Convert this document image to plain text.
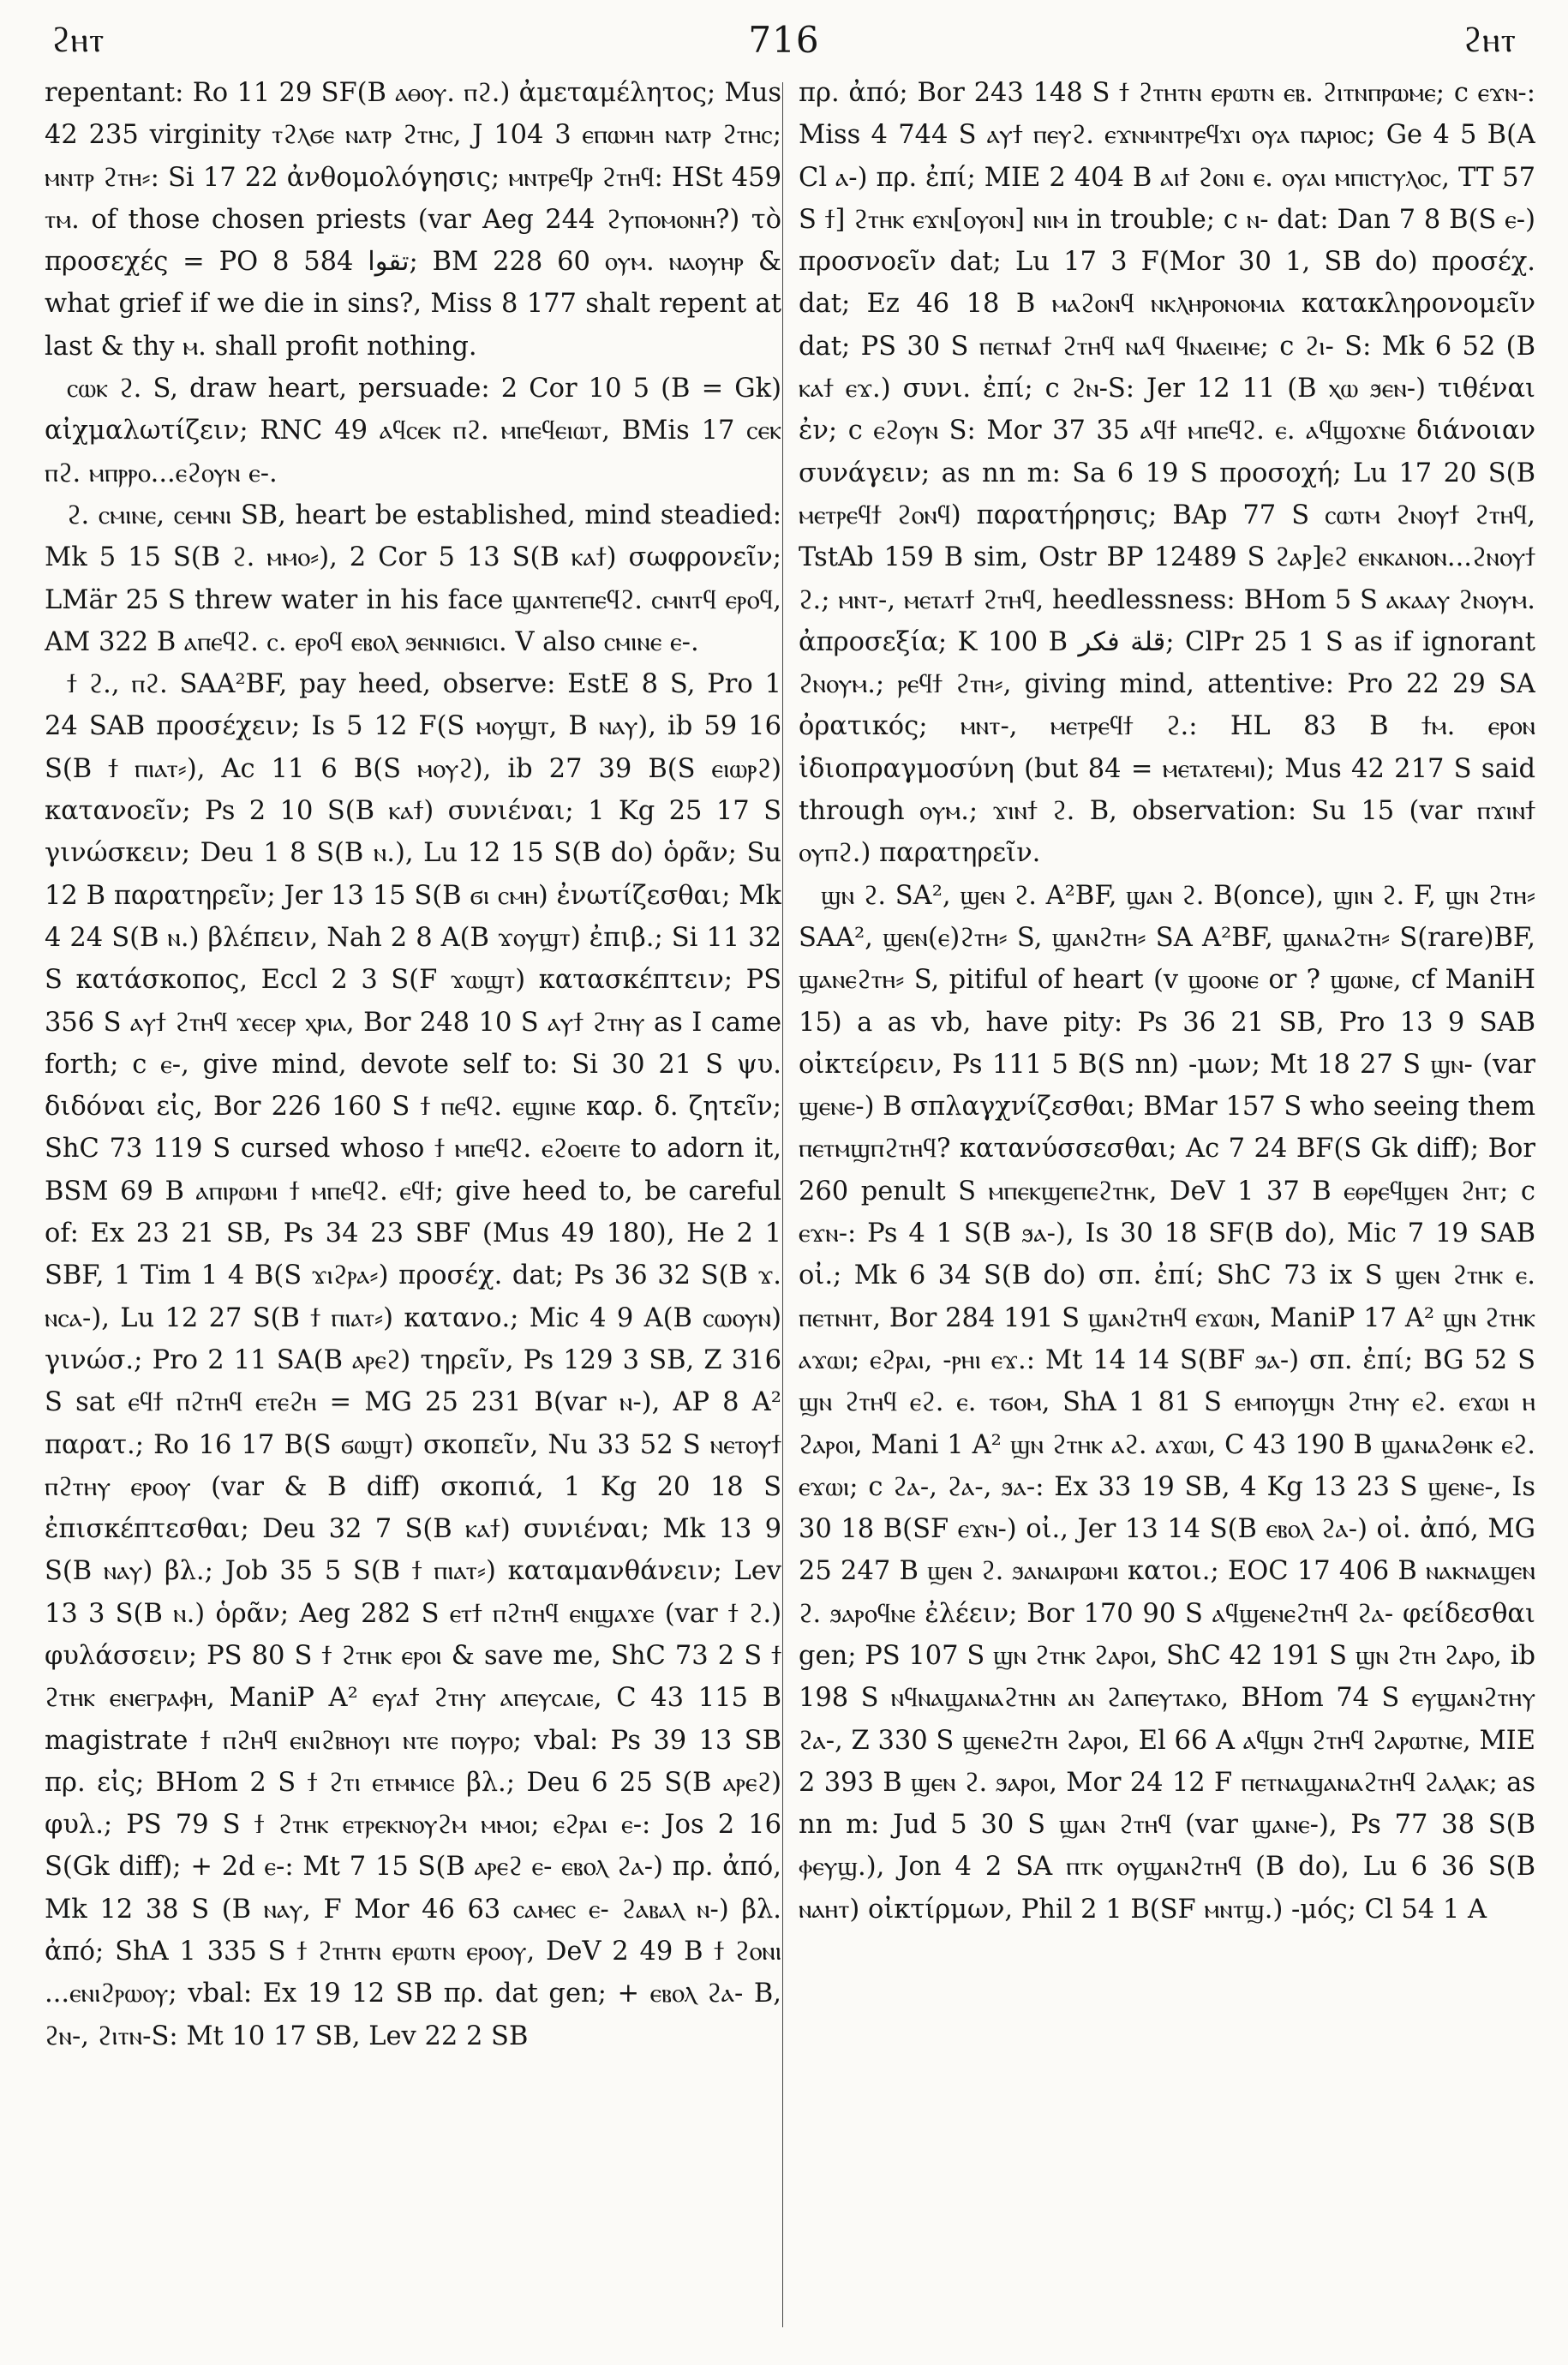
ϩⲏⲧ	716	ϩⲏⲧ

repentant: Ro 11 29 SF(B ⲁⲑⲟⲩ. ⲡϩ.) ἀμεταμέλητος; Mus 42 235 virginity ⲧϩⲗϭⲉ ⲛⲁⲧⲣ ϩⲧⲏⲥ, J 104 3 ⲉⲡⲱⲙⲏ ⲛⲁⲧⲣ ϩⲧⲏⲥ; ⲙⲛⲧⲣ ϩⲧⲏ⸗: Si 17 22 ἀνθομολόγησις; ⲙⲛⲧⲣⲉϥⲣ ϩⲧⲏϥ: HSt 459 ⲧⲙ. of those chosen priests (var Aeg 244 ϩⲩⲡⲟⲙⲟⲛⲏ?) τὸ προσεχές = PO 8 584 ﺗﻘﻮﺍ; BM 228 60 ⲟⲩⲙ. ⲛⲁⲟⲩⲏⲣ & what grief if we die in sins?, Miss 8 177 shalt repent at last & thy ⲙ. shall profit nothing.

ⲥⲱⲕ ϩ. S, draw heart, persuade: 2 Cor 10 5 (B = Gk) αἰχμαλωτίζειν; RNC 49 ⲁϥⲥⲉⲕ ⲡϩ. ⲙⲡⲉϥⲉⲓⲱⲧ, BMis 17 ⲥⲉⲕ ⲡϩ. ⲙⲡⲣⲣⲟ...ⲉϩⲟⲩⲛ ⲉ-.

ϩ. ⲥⲙⲓⲛⲉ, ⲥⲉⲙⲛⲓ SB, heart be established, mind steadied: Mk 5 15 S(B ϩ. ⲙⲙⲟ⸗), 2 Cor 5 13 S(B ⲕⲁϯ) σωφρονεῖν; LMär 25 S threw water in his face ϣⲁⲛⲧⲉⲡⲉϥϩ. ⲥⲙⲛⲧϥ ⲉⲣⲟϥ, AM 322 B ⲁⲡⲉϥϩ. ⲥ. ⲉⲣⲟϥ ⲉⲃⲟⲗ ϧⲉⲛⲛⲓϭⲓⲥⲓ. V also ⲥⲙⲓⲛⲉ ⲉ-.

ϯ ϩ., ⲡϩ. SAA²BF, pay heed, observe: EstE 8 S, Pro 1 24 SAB προσέχειν; Is 5 12 F(S ⲙⲟⲩϣⲧ, B ⲛⲁⲩ), ib 59 16 S(B ϯ ⲡⲓⲁⲧ⸗), Ac 11 6 B(S ⲙⲟⲩϩ), ib 27 39 B(S ⲉⲓⲱⲣϩ) κατανοεῖν; Ps 2 10 S(B ⲕⲁϯ) συνιέναι; 1 Kg 25 17 S γινώσκειν; Deu 1 8 S(B ⲛ.), Lu 12 15 S(B do) ὁρᾶν; Su 12 B παρατηρεῖν; Jer 13 15 S(B ϭⲓ ⲥⲙⲏ) ἐνωτίζεσθαι; Mk 4 24 S(B ⲛ.) βλέπειν, Nah 2 8 A(B ϫⲟⲩϣⲧ) ἐπιβ.; Si 11 32 S κατάσκοπος, Eccl 2 3 S(F ϫⲱϣⲧ) κατασκέπτειν; PS 356 S ⲁⲩϯ ϩⲧⲏϥ ϫⲉⲥⲉⲣ ⲭⲣⲓⲁ, Bor 248 10 S ⲁⲩϯ ϩⲧⲏⲩ as I came forth; c ⲉ-, give mind, devote self to: Si 30 21 S ψυ. διδόναι εἰς, Bor 226 160 S ϯ ⲡⲉϥϩ. ⲉϣⲓⲛⲉ καρ. δ. ζητεῖν; ShC 73 119 S cursed whoso ϯ ⲙⲡⲉϥϩ. ⲉϩⲟⲉⲓⲧⲉ to adorn it, BSM 69 B ⲁⲡⲓⲣⲱⲙⲓ ϯ ⲙⲡⲉϥϩ. ⲉϥϯ; give heed to, be careful of: Ex 23 21 SB, Ps 34 23 SBF (Mus 49 180), He 2 1 SBF, 1 Tim 1 4 B(S ϫⲓϩⲣⲁ⸗) προσέχ. dat; Ps 36 32 S(B ϫ. ⲛⲥⲁ-), Lu 12 27 S(B ϯ ⲡⲓⲁⲧ⸗) κατανο.; Mic 4 9 A(B ⲥⲱⲟⲩⲛ) γινώσ.; Pro 2 11 SA(B ⲁⲣⲉϩ) τηρεῖν, Ps 129 3 SB, Z 316 S sat ⲉϥϯ ⲡϩⲧⲏϥ ⲉⲧⲉϩⲏ = MG 25 231 B(var ⲛ-), AP 8 A² παρατ.; Ro 16 17 B(S ϭⲱϣⲧ) σκοπεῖν, Nu 33 52 S ⲛⲉⲧⲟⲩϯ ⲡϩⲧⲏⲩ ⲉⲣⲟⲟⲩ (var & B diff) σκοπιά, 1 Kg 20 18 S ἐπισκέπτεσθαι; Deu 32 7 S(B ⲕⲁϯ) συνιέναι; Mk 13 9 S(B ⲛⲁⲩ) βλ.; Job 35 5 S(B ϯ ⲡⲓⲁⲧ⸗) καταμανθάνειν; Lev 13 3 S(B ⲛ.) ὁρᾶν; Aeg 282 S ⲉⲧϯ ⲡϩⲧⲏϥ ⲉⲛϣⲁϫⲉ (var ϯ ϩ.) φυλάσσειν; PS 80 S ϯ ϩⲧⲏⲕ ⲉⲣⲟⲓ & save me, ShC 73 2 S ϯ ϩⲧⲏⲕ ⲉⲛⲉⲅⲣⲁⲫⲏ, ManiP A² ⲉⲩⲁϯ ϩⲧⲏⲩ ⲁⲡⲉⲩⲥⲁⲓⲉ, C 43 115 B magistrate ϯ ⲡϩⲏϥ ⲉⲛⲓϩⲃⲏⲟⲩⲓ ⲛⲧⲉ ⲡⲟⲩⲣⲟ; vbal: Ps 39 13 SB πρ. εἰς; BHom 2 S ϯ ϩⲧⲓ ⲉⲧⲙⲙⲓⲥⲉ βλ.; Deu 6 25 S(B ⲁⲣⲉϩ) φυλ.; PS 79 S ϯ ϩⲧⲏⲕ ⲉⲧⲣⲉⲕⲛⲟⲩϩⲙ ⲙⲙⲟⲓ; ⲉϩⲣⲁⲓ ⲉ-: Jos 2 16 S(Gk diff); + 2d ⲉ-: Mt 7 15 S(B ⲁⲣⲉϩ ⲉ- ⲉⲃⲟⲗ ϩⲁ-) πρ. ἀπό, Mk 12 38 S (B ⲛⲁⲩ, F Mor 46 63 ⲥⲁⲙⲉⲥ ⲉ- ϩⲁⲃⲁⲗ ⲛ-) βλ. ἀπό; ShA 1 335 S ϯ ϩⲧⲏⲧⲛ ⲉⲣⲱⲧⲛ ⲉⲣⲟⲟⲩ, DeV 2 49 B ϯ ϩⲟⲛⲓ ...ⲉⲛⲓϩⲣⲱⲟⲩ; vbal: Ex 19 12 SB πρ. dat gen; + ⲉⲃⲟⲗ ϩⲁ- B, ϩⲛ-, ϩⲓⲧⲛ-S: Mt 10 17 SB, Lev 22 2 SB

πρ. ἀπό; Bor 243 148 S ϯ ϩⲧⲏⲧⲛ ⲉⲣⲱⲧⲛ ⲉⲃ. ϩⲓⲧⲛⲡⲣⲱⲙⲉ; c ⲉϫⲛ-: Miss 4 744 S ⲁⲩϯ ⲡⲉⲩϩ. ⲉϫⲛⲙⲛⲧⲣⲉϥϫⲓ ⲟⲩⲁ ⲡⲁⲣⲓⲟⲥ; Ge 4 5 B(A Cl ⲁ-) πρ. ἐπί; MIE 2 404 B ⲁⲓϯ ϩⲟⲛⲓ ⲉ. ⲟⲩⲁⲓ ⲙⲡⲓⲥⲧⲩⲗⲟⲥ, TT 57 S ϯ] ϩⲧⲏⲕ ⲉϫⲛ[ⲟⲩⲟⲛ] ⲛⲓⲙ in trouble; c ⲛ- dat: Dan 7 8 B(S ⲉ-) προσνοεῖν dat; Lu 17 3 F(Mor 30 1, SB do) προσέχ. dat; Ez 46 18 B ⲙⲁϩⲟⲛϥ ⲛⲕⲗⲏⲣⲟⲛⲟⲙⲓⲁ κατακληρονομεῖν dat; PS 30 S ⲡⲉⲧⲛⲁϯ ϩⲧⲏϥ ⲛⲁϥ ϥⲛⲁⲉⲓⲙⲉ; c ϩⲓ- S: Mk 6 52 (B ⲕⲁϯ ⲉϫ.) συνι. ἐπί; c ϩⲛ-S: Jer 12 11 (B ⲭⲱ ϧⲉⲛ-) τιθέναι ἐν; c ⲉϩⲟⲩⲛ S: Mor 37 35 ⲁϥϯ ⲙⲡⲉϥϩ. ⲉ. ⲁϥϣⲟϫⲛⲉ διάνοιαν συνάγειν; as nn m: Sa 6 19 S προσοχή; Lu 17 20 S(B ⲙⲉⲧⲣⲉϥϯ ϩⲟⲛϥ) παρατήρησις; BAp 77 S ⲥⲱⲧⲙ ϩⲛⲟⲩϯ ϩⲧⲏϥ, TstAb 159 B sim, Ostr BP 12489 S ϩⲁⲣ]ⲉϩ ⲉⲛⲕⲁⲛⲟⲛ...ϩⲛⲟⲩϯ ϩ.; ⲙⲛⲧ-, ⲙⲉⲧⲁⲧϯ ϩⲧⲏϥ, heedlessness: BHom 5 S ⲁⲕⲁⲁⲩ ϩⲛⲟⲩⲙ. ἀπροσεξία; K 100 B ﻗﻠﺔ ﻓﻜﺮ; ClPr 25 1 S as if ignorant ϩⲛⲟⲩⲙ.; ⲣⲉϥϯ ϩⲧⲏ⸗, giving mind, attentive: Pro 22 29 SA ὀρατικός; ⲙⲛⲧ-, ⲙⲉⲧⲣⲉϥϯ ϩ.: HL 83 B ϯⲙ. ⲉⲣⲟⲛ ἰδιοπραγμοσύνη (but 84 = ⲙⲉⲧⲁⲧⲉⲙⲓ); Mus 42 217 S said through ⲟⲩⲙ.; ϫⲓⲛϯ ϩ. B, observation: Su 15 (var ⲡϫⲓⲛϯ ⲟⲩⲡϩ.) παρατηρεῖν.

ϣⲛ ϩ. SA², ϣⲉⲛ ϩ. A²BF, ϣⲁⲛ ϩ. B(once), ϣⲓⲛ ϩ. F, ϣⲛ ϩⲧⲏ⸗ SAA², ϣⲉⲛ(ⲉ)ϩⲧⲏ⸗ S, ϣⲁⲛϩⲧⲏ⸗ SA A²BF, ϣⲁⲛⲁϩⲧⲏ⸗ S(rare)BF, ϣⲁⲛⲉϩⲧⲏ⸗ S, pitiful of heart (v ϣⲟⲟⲛⲉ or ? ϣⲱⲛⲉ, cf ManiH 15) a as vb, have pity: Ps 36 21 SB, Pro 13 9 SAB οἰκτείρειν, Ps 111 5 B(S nn) -μων; Mt 18 27 S ϣⲛ- (var ϣⲉⲛⲉ-) B σπλαγχνίζεσθαι; BMar 157 S who seeing them ⲡⲉⲧⲙϣⲡϩⲧⲏϥ? κατανύσσεσθαι; Ac 7 24 BF(S Gk diff); Bor 260 penult S ⲙⲡⲉⲕϣⲉⲡⲉϩⲧⲏⲕ, DeV 1 37 B ⲉⲑⲣⲉϥϣⲉⲛ ϩⲏⲧ; c ⲉϫⲛ-: Ps 4 1 S(B ϧⲁ-), Is 30 18 SF(B do), Mic 7 19 SAB οἰ.; Mk 6 34 S(B do) σπ. ἐπί; ShC 73 ix S ϣⲉⲛ ϩⲧⲏⲕ ⲉ. ⲡⲉⲧⲛⲏⲧ, Bor 284 191 S ϣⲁⲛϩⲧⲏϥ ⲉϫⲱⲛ, ManiP 17 A² ϣⲛ ϩⲧⲏⲕ ⲁϫⲱⲓ; ⲉϩⲣⲁⲓ, -ⲣⲏⲓ ⲉϫ.: Mt 14 14 S(BF ϧⲁ-) σπ. ἐπί; BG 52 S ϣⲛ ϩⲧⲏϥ ⲉϩ. ⲉ. ⲧϭⲟⲙ, ShA 1 81 S ⲉⲙⲡⲟⲩϣⲛ ϩⲧⲏⲩ ⲉϩ. ⲉϫⲱⲓ ⲏ ϩⲁⲣⲟⲓ, Mani 1 A² ϣⲛ ϩⲧⲏⲕ ⲁϩ. ⲁϫⲱⲓ, C 43 190 B ϣⲁⲛⲁϩⲑⲏⲕ ⲉϩ. ⲉϫⲱⲓ; c ϩⲁ-, ϩⲁ-, ϧⲁ-: Ex 33 19 SB, 4 Kg 13 23 S ϣⲉⲛⲉ-, Is 30 18 B(SF ⲉϫⲛ-) οἰ., Jer 13 14 S(B ⲉⲃⲟⲗ ϩⲁ-) οἰ. ἀπό, MG 25 247 B ϣⲉⲛ ϩ. ϧⲁⲛⲁⲓⲣⲱⲙⲓ κατοι.; EOC 17 406 B ⲛⲁⲕⲛⲁϣⲉⲛ ϩ. ϧⲁⲣⲟϥⲛⲉ ἐλέειν; Bor 170 90 S ⲁϥϣⲉⲛⲉϩⲧⲏϥ ϩⲁ- φείδεσθαι gen; PS 107 S ϣⲛ ϩⲧⲏⲕ ϩⲁⲣⲟⲓ, ShC 42 191 S ϣⲛ ϩⲧⲏ ϩⲁⲣⲟ, ib 198 S ⲛϥⲛⲁϣⲁⲛⲁϩⲧⲏⲛ ⲁⲛ ϩⲁⲡⲉⲩⲧⲁⲕⲟ, BHom 74 S ⲉⲩϣⲁⲛϩⲧⲏⲩ ϩⲁ-, Z 330 S ϣⲉⲛⲉϩⲧⲏ ϩⲁⲣⲟⲓ, El 66 A ⲁϥϣⲛ ϩⲧⲏϥ ϩⲁⲣⲱⲧⲛⲉ, MIE 2 393 B ϣⲉⲛ ϩ. ϧⲁⲣⲟⲓ, Mor 24 12 F ⲡⲉⲧⲛⲁϣⲁⲛⲁϩⲧⲏϥ ϩⲁⲗⲁⲕ; as nn m: Jud 5 30 S ϣⲁⲛ ϩⲧⲏϥ (var ϣⲁⲛⲉ-), Ps 77 38 S(B ⲫⲉⲩϣ.), Jon 4 2 SA ⲡⲧⲕ ⲟⲩϣⲁⲛϩⲧⲏϥ (B do), Lu 6 36 S(B ⲛⲁⲏⲧ) οἰκτίρμων, Phil 2 1 B(SF ⲙⲛⲧϣ.) -μός; Cl 54 1 A
